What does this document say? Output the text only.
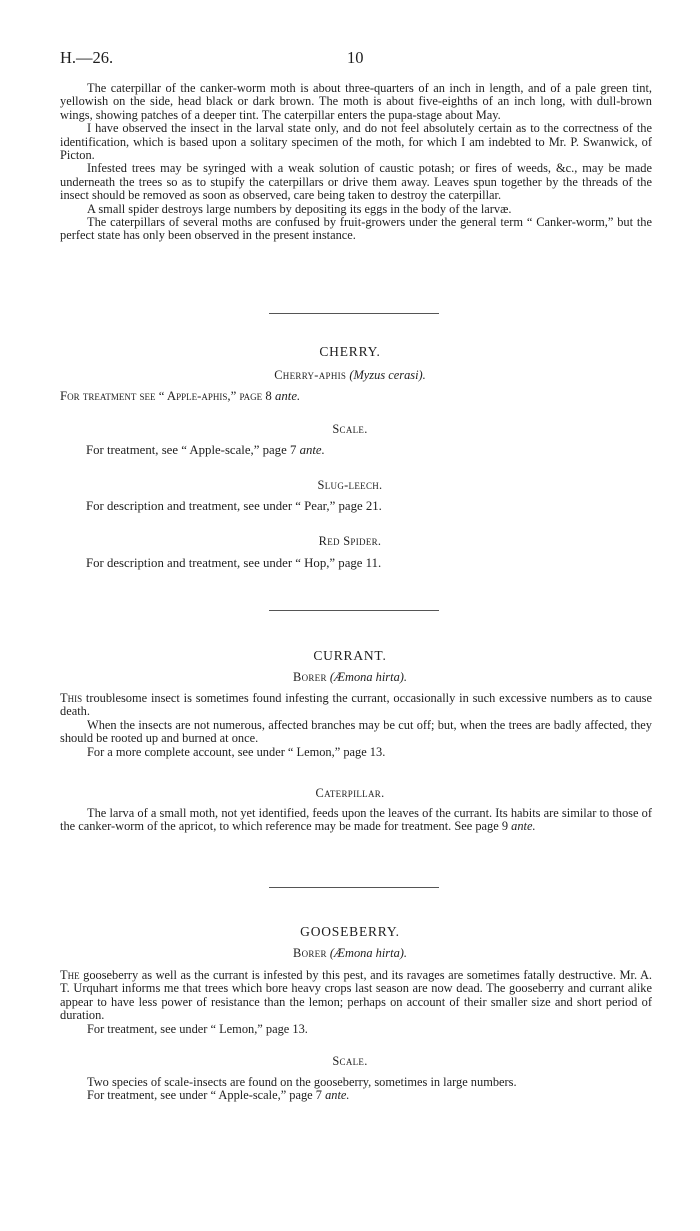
H.—26.	10

The caterpillar of the canker-worm moth is about three-quarters of an inch in length, and of a pale green tint, yellowish on the side, head black or dark brown. The moth is about five-eighths of an inch long, with dull-brown wings, showing patches of a deeper tint. The caterpillar enters the pupa-stage about May.

I have observed the insect in the larval state only, and do not feel absolutely certain as to the correctness of the identification, which is based upon a solitary specimen of the moth, for which I am indebted to Mr. P. Swanwick, of Picton.

Infested trees may be syringed with a weak solution of caustic potash; or fires of weeds, &c., may be made underneath the trees so as to stupify the caterpillars or drive them away. Leaves spun together by the threads of the insect should be removed as soon as observed, care being taken to destroy the caterpillar.

A small spider destroys large numbers by depositing its eggs in the body of the larvæ.

The caterpillars of several moths are confused by fruit-growers under the general term “ Canker-worm,” but the perfect state has only been observed in the present instance.

CHERRY.
Cherry-aphis (Myzus cerasi).
For treatment see “ Apple-aphis,” page 8 ante.
Scale.
For treatment, see “ Apple-scale,” page 7 ante.
Slug-leech.
For description and treatment, see under “ Pear,” page 21.
Red Spider.
For description and treatment, see under “ Hop,” page 11.
CURRANT.
Borer (Æmona hirta).

This troublesome insect is sometimes found infesting the currant, occasionally in such excessive numbers as to cause death.

When the insects are not numerous, affected branches may be cut off; but, when the trees are badly affected, they should be rooted up and burned at once.

For a more complete account, see under “ Lemon,” page 13.

Caterpillar.

The larva of a small moth, not yet identified, feeds upon the leaves of the currant. Its habits are similar to those of the canker-worm of the apricot, to which reference may be made for treatment. See page 9 ante.

GOOSEBERRY.
Borer (Æmona hirta).

The gooseberry as well as the currant is infested by this pest, and its ravages are sometimes fatally destructive. Mr. A. T. Urquhart informs me that trees which bore heavy crops last season are now dead. The gooseberry and currant alike appear to have less power of resistance than the lemon; perhaps on account of their smaller size and short period of duration.

For treatment, see under “ Lemon,” page 13.

Scale.

Two species of scale-insects are found on the gooseberry, sometimes in large numbers.

For treatment, see under “ Apple-scale,” page 7 ante.
